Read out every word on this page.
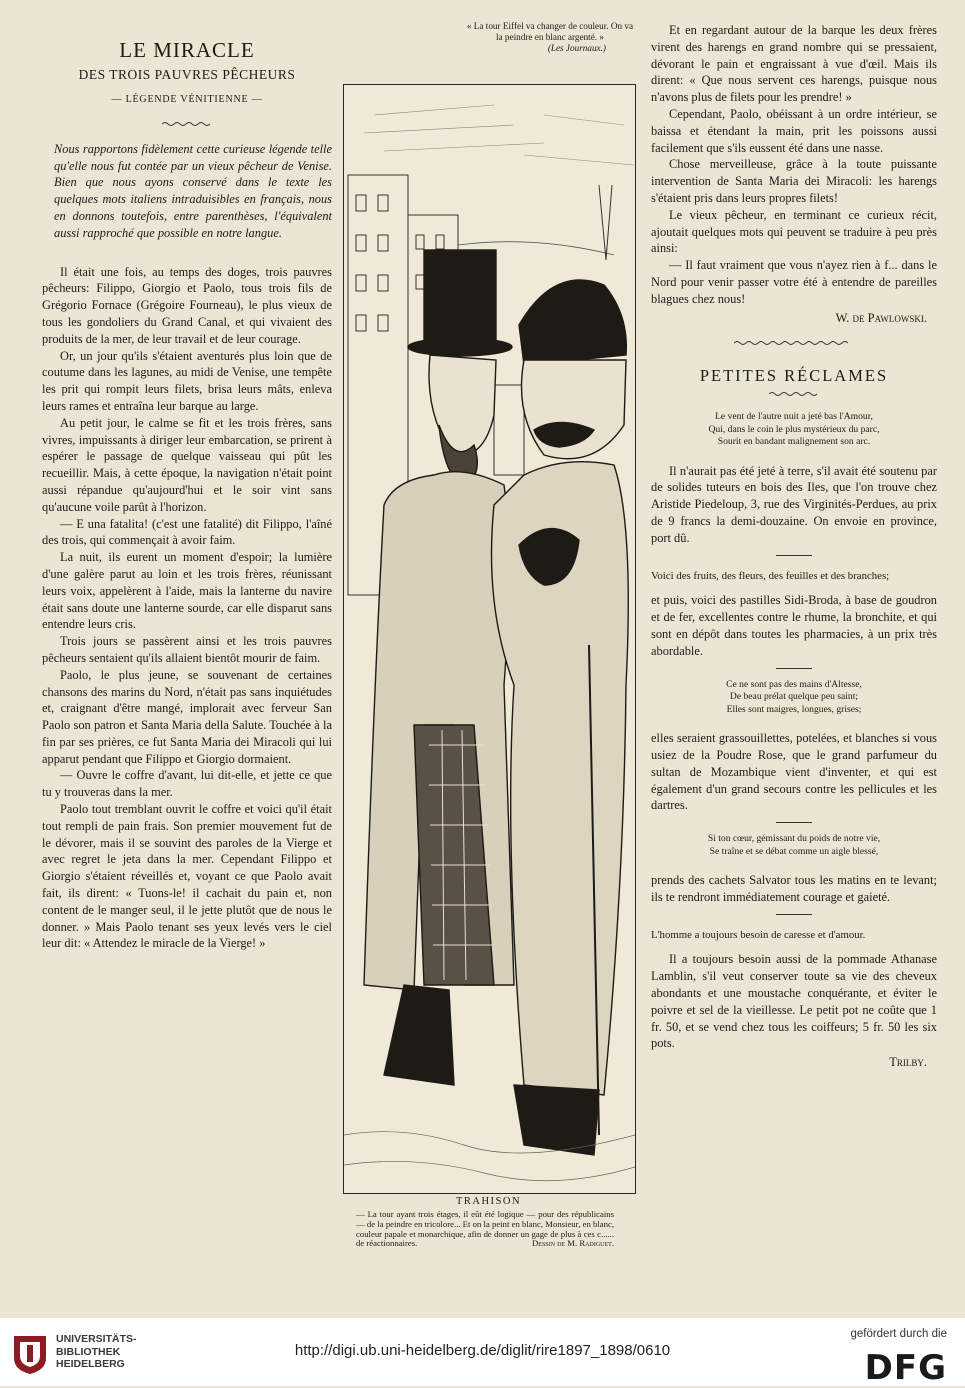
LE MIRACLE
DES TROIS PAUVRES PÊCHEURS
— LÉGENDE VÉNITIENNE —

Nous rapportons fidèlement cette curieuse légende telle qu'elle nous fut contée par un vieux pêcheur de Venise. Bien que nous ayons conservé dans le texte les quelques mots italiens intraduisibles en français, nous en donnons toutefois, entre parenthèses, l'équivalent aussi rapproché que possible en notre langue.

Il était une fois, au temps des doges, trois pauvres pêcheurs: Filippo, Giorgio et Paolo, tous trois fils de Grégorio Fornace (Grégoire Fourneau), le plus vieux de tous les gondoliers du Grand Canal, et qui vivaient des produits de la mer, de leur travail et de leur courage.

Or, un jour qu'ils s'étaient aventurés plus loin que de coutume dans les lagunes, au midi de Venise, une tempête les prit qui rompit leurs filets, brisa leurs mâts, enleva leurs rames et entraîna leur barque au large.

Au petit jour, le calme se fit et les trois frères, sans vivres, impuissants à diriger leur embarcation, se prirent à espérer le passage de quelque vaisseau qui pût les recueillir. Mais, à cette époque, la navigation n'était point aussi répandue qu'aujourd'hui et le soir vint sans qu'aucune voile parût à l'horizon.

— E una fatalita! (c'est une fatalité) dit Filippo, l'aîné des trois, qui commençait à avoir faim.

La nuit, ils eurent un moment d'espoir; la lumière d'une galère parut au loin et les trois frères, réunissant leurs voix, appelèrent à l'aide, mais la lanterne du navire était sans doute une lanterne sourde, car elle disparut sans entendre leurs cris.

Trois jours se passèrent ainsi et les trois pauvres pêcheurs sentaient qu'ils allaient bientôt mourir de faim.

Paolo, le plus jeune, se souvenant de certaines chansons des marins du Nord, n'était pas sans inquiétudes et, craignant d'être mangé, implorait avec ferveur San Paolo son patron et Santa Maria della Salute. Touchée à la fin par ses prières, ce fut Santa Maria dei Miracoli qui lui apparut pendant que Filippo et Giorgio dormaient.

— Ouvre le coffre d'avant, lui dit-elle, et jette ce que tu y trouveras dans la mer.

Paolo tout tremblant ouvrit le coffre et voici qu'il était tout rempli de pain frais. Son premier mouvement fut de le dévorer, mais il se souvint des paroles de la Vierge et avec regret le jeta dans la mer. Cependant Filippo et Giorgio s'étaient réveillés et, voyant ce que Paolo avait fait, ils dirent: « Tuons-le! il cachait du pain et, non content de le manger seul, il le jette plutôt que de nous le donner. » Mais Paolo tenant ses yeux levés vers le ciel leur dit: « Attendez le miracle de la Vierge! »

« La tour Eiffel va changer de couleur. On va la peindre en blanc argenté. »
(Les Journaux.)
TRAHISON
— La tour ayant trois étages, il eût été logique — pour des républicains — de la peindre en tricolore... Et on la peint en blanc, Monsieur, en blanc, couleur papale et monarchique, afin de donner un gage de plus à ces c...... de réactionnaires.	Dessin de M. Radiguet.

Et en regardant autour de la barque les deux frères virent des harengs en grand nombre qui se pressaient, dévorant le pain et engraissant à vue d'œil. Mais ils dirent: « Que nous servent ces harengs, puisque nous n'avons plus de filets pour les prendre! »

Cependant, Paolo, obéissant à un ordre intérieur, se baissa et étendant la main, prit les poissons aussi facilement que s'ils eussent été dans une nasse.

Chose merveilleuse, grâce à la toute puissante intervention de Santa Maria dei Miracoli: les harengs s'étaient pris dans leurs propres filets!

Le vieux pêcheur, en terminant ce curieux récit, ajoutait quelques mots qui peuvent se traduire à peu près ainsi:

— Il faut vraiment que vous n'ayez rien à f... dans le Nord pour venir passer votre été à entendre de pareilles blagues chez nous!

W. de Pawlowski.
PETITES RÉCLAMES
Le vent de l'autre nuit a jeté bas l'Amour,
Qui, dans le coin le plus mystérieux du parc,
Sourit en bandant malignement son arc.

Il n'aurait pas été jeté à terre, s'il avait été soutenu par de solides tuteurs en bois des Iles, que l'on trouve chez Aristide Piedeloup, 3, rue des Virginités-Perdues, au prix de 9 francs la demi-douzaine. On envoie en province, port dû.

Voici des fruits, des fleurs, des feuilles et des branches;

et puis, voici des pastilles Sidi-Broda, à base de goudron et de fer, excellentes contre le rhume, la bronchite, et qui sont en dépôt dans toutes les pharmacies, à un prix très abordable.

Ce ne sont pas des mains d'Altesse,
De beau prélat quelque peu saint;
Elles sont maigres, longues, grises;

elles seraient grassouillettes, potelées, et blanches si vous usiez de la Poudre Rose, que le grand parfumeur du sultan de Mozambique vient d'inventer, et qui est également d'un grand secours contre les pellicules et les dartres.

Si ton cœur, gémissant du poids de notre vie,
Se traîne et se débat comme un aigle blessé,

prends des cachets Salvator tous les matins en te levant; ils te rendront immédiatement courage et gaieté.

L'homme a toujours besoin de caresse et d'amour.

Il a toujours besoin aussi de la pommade Athanase Lamblin, s'il veut conserver toute sa vie des cheveux abondants et une moustache conquérante, et éviter le poivre et sel de la vieillesse. Le petit pot ne coûte que 1 fr. 50, et se vend chez tous les coiffeurs; 5 fr. 50 les six pots.

Trilby.
UNIVERSITÄTS-
BIBLIOTHEK
HEIDELBERG
http://digi.ub.uni-heidelberg.de/diglit/rire1897_1898/0610
gefördert durch die
DFG
